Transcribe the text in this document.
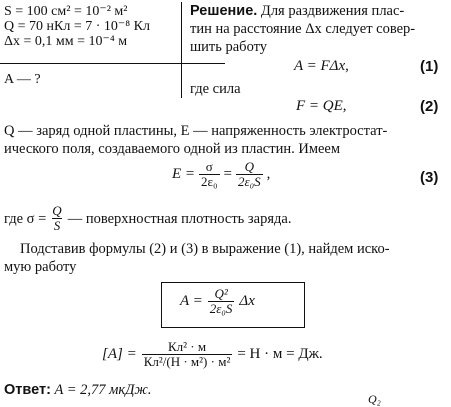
S = 100 см² = 10⁻² м²
Q = 70 нКл = 7 · 10⁻⁸ Кл
Δx = 0,1 мм = 10⁻⁴ м
A — ?
Решение. Для раздвижения плас-
тин на расстояние Δx следует совер-
шить работу
A = FΔx,	(1)
где сила
F = QE,	(2)
Q — заряд одной пластины, E — напряженность электростат-
ического поля, создаваемого одной из пластин. Имеем
$E = \frac{\sigma}{\text{2ε₀}} = \frac{Q}{\text{2ε₀S}}$ ,	(3)
где $\sigma = \frac{Q}{S}$ — поверхностная плотность заряда.
Подставив формулы (2) и (3) в выражение (1), найдем иско-
мую работу
$A = \frac{\text{Q²}}{\text{2ε₀S}}$ Δx
$[A] = \frac{\text{Кл² · м}}{\text{Кл²/(Н · м²) · м²}} = Н \cdot м$ = Дж.
Ответ: A = 2,77 мкДж.
Q₂
